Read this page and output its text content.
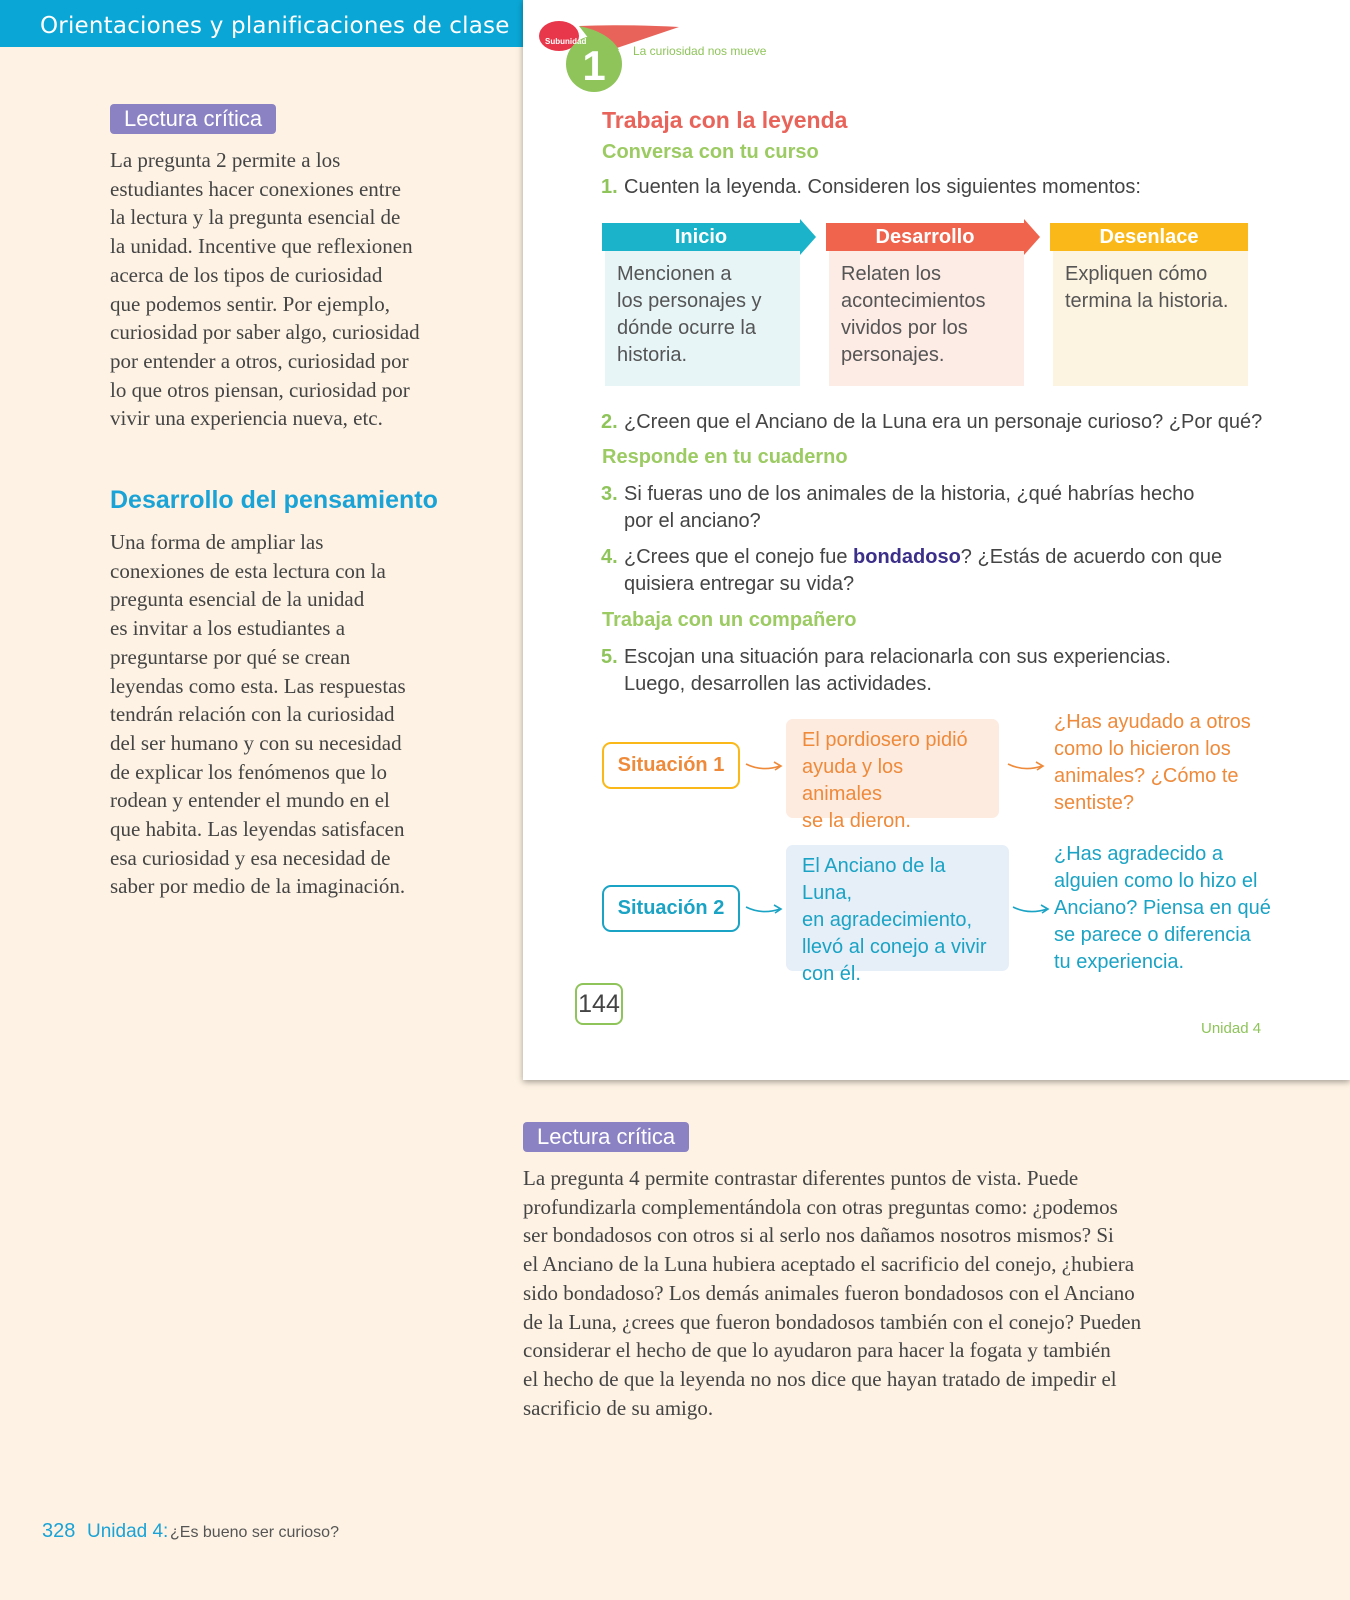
Orientaciones y planificaciones de clase
Lectura crítica
La pregunta 2 permite a los
estudiantes hacer conexiones entre
la lectura y la pregunta esencial de
la unidad. Incentive que reflexionen
acerca de los tipos de curiosidad
que podemos sentir. Por ejemplo,
curiosidad por saber algo, curiosidad
por entender a otros, curiosidad por
lo que otros piensan, curiosidad por
vivir una experiencia nueva, etc.
Desarrollo del pensamiento
Una forma de ampliar las
conexiones de esta lectura con la
pregunta esencial de la unidad
es invitar a los estudiantes a
preguntarse por qué se crean
leyendas como esta. Las respuestas
tendrán relación con la curiosidad
del ser humano y con su necesidad
de explicar los fenómenos que lo
rodean y entender el mundo en el
que habita. Las leyendas satisfacen
esa curiosidad y esa necesidad de
saber por medio de la imaginación.
1
Subunidad
La curiosidad nos mueve
Trabaja con la leyenda
Conversa con tu curso
1. Cuenten la leyenda. Consideren los siguientes momentos:
Inicio
Mencionen a
los personajes y
dónde ocurre la
historia.
Desarrollo
Relaten los
acontecimientos
vividos por los
personajes.
Desenlace
Expliquen cómo
termina la historia.
2. ¿Creen que el Anciano de la Luna era un personaje curioso? ¿Por qué?
Responde en tu cuaderno
3. Si fueras uno de los animales de la historia, ¿qué habrías hecho
por el anciano?
4. ¿Crees que el conejo fue bondadoso? ¿Estás de acuerdo con que
quisiera entregar su vida?
Trabaja con un compañero
5. Escojan una situación para relacionarla con sus experiencias.
Luego, desarrollen las actividades.
Situación 1
El pordiosero pidió
ayuda y los animales
se la dieron.
¿Has ayudado a otros
como lo hicieron los
animales? ¿Cómo te
sentiste?
Situación 2
El Anciano de la Luna,
en agradecimiento,
llevó al conejo a vivir
con él.
¿Has agradecido a
alguien como lo hizo el
Anciano? Piensa en qué
se parece o diferencia
tu experiencia.
144
Unidad 4
Lectura crítica
La pregunta 4 permite contrastar diferentes puntos de vista. Puede
profundizarla complementándola con otras preguntas como: ¿podemos
ser bondadosos con otros si al serlo nos dañamos nosotros mismos? Si
el Anciano de la Luna hubiera aceptado el sacrificio del conejo, ¿hubiera
sido bondadoso? Los demás animales fueron bondadosos con el Anciano
de la Luna, ¿crees que fueron bondadosos también con el conejo? Pueden
considerar el hecho de que lo ayudaron para hacer la fogata y también
el hecho de que la leyenda no nos dice que hayan tratado de impedir el
sacrificio de su amigo.
328 Unidad 4: ¿Es bueno ser curioso?
